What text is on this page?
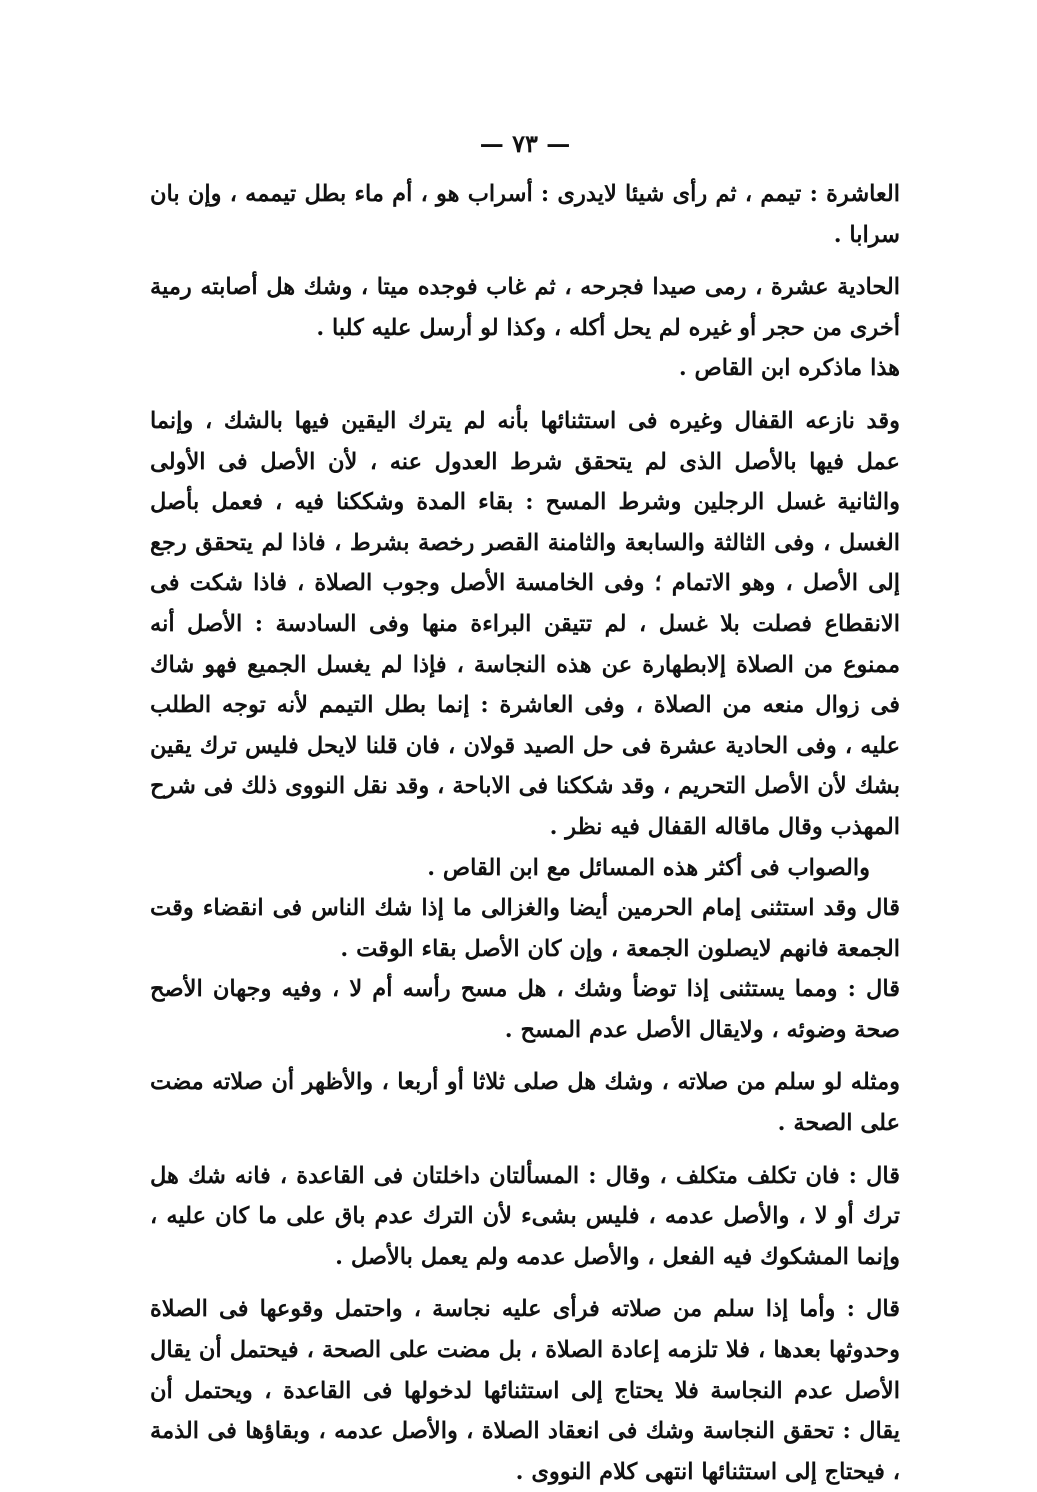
— ٧٣ —

العاشرة : تيمم ، ثم رأى شيئا لايدرى : أسراب هو ، أم ماء بطل تيممه ، وإن بان سرابا .

الحادية عشرة ، رمى صيدا فجرحه ، ثم غاب فوجده ميتا ، وشك هل أصابته رمية أخرى من حجر أو غيره لم يحل أكله ، وكذا لو أرسل عليه كلبا .

هذا ماذكره ابن القاص .

وقد نازعه القفال وغيره فى استثنائها بأنه لم يترك اليقين فيها بالشك ، وإنما عمل فيها بالأصل الذى لم يتحقق شرط العدول عنه ، لأن الأصل فى الأولى والثانية غسل الرجلين وشرط المسح : بقاء المدة وشككنا فيه ، فعمل بأصل الغسل ، وفى الثالثة والسابعة والثامنة القصر رخصة بشرط ، فاذا لم يتحقق رجع إلى الأصل ، وهو الاتمام ؛ وفى الخامسة الأصل وجوب الصلاة ، فاذا شكت فى الانقطاع فصلت بلا غسل ، لم تتيقن البراءة منها وفى السادسة : الأصل أنه ممنوع من الصلاة إلابطهارة عن هذه النجاسة ، فإذا لم يغسل الجميع فهو شاك فى زوال منعه من الصلاة ، وفى العاشرة : إنما بطل التيمم لأنه توجه الطلب عليه ، وفى الحادية عشرة فى حل الصيد قولان ، فان قلنا لايحل فليس ترك يقين بشك لأن الأصل التحريم ، وقد شككنا فى الاباحة ، وقد نقل النووى ذلك فى شرح المهذب وقال ماقاله القفال فيه نظر .

والصواب فى أكثر هذه المسائل مع ابن القاص .

قال وقد استثنى إمام الحرمين أيضا والغزالى ما إذا شك الناس فى انقضاء وقت الجمعة فانهم لايصلون الجمعة ، وإن كان الأصل بقاء الوقت .

قال : ومما يستثنى إذا توضأ وشك ، هل مسح رأسه أم لا ، وفيه وجهان الأصح صحة وضوئه ، ولايقال الأصل عدم المسح .

ومثله لو سلم من صلاته ، وشك هل صلى ثلاثا أو أربعا ، والأظهر أن صلاته مضت على الصحة .

قال : فان تكلف متكلف ، وقال : المسألتان داخلتان فى القاعدة ، فانه شك هل ترك أو لا ، والأصل عدمه ، فليس بشىء لأن الترك عدم باق على ما كان عليه ، وإنما المشكوك فيه الفعل ، والأصل عدمه ولم يعمل بالأصل .

قال : وأما إذا سلم من صلاته فرأى عليه نجاسة ، واحتمل وقوعها فى الصلاة وحدوثها بعدها ، فلا تلزمه إعادة الصلاة ، بل مضت على الصحة ، فيحتمل أن يقال الأصل عدم النجاسة فلا يحتاج إلى استثنائها لدخولها فى القاعدة ، ويحتمل أن يقال : تحقق النجاسة وشك فى انعقاد الصلاة ، والأصل عدمه ، وبقاؤها فى الذمة ، فيحتاج إلى استثنائها انتهى كلام النووى .
